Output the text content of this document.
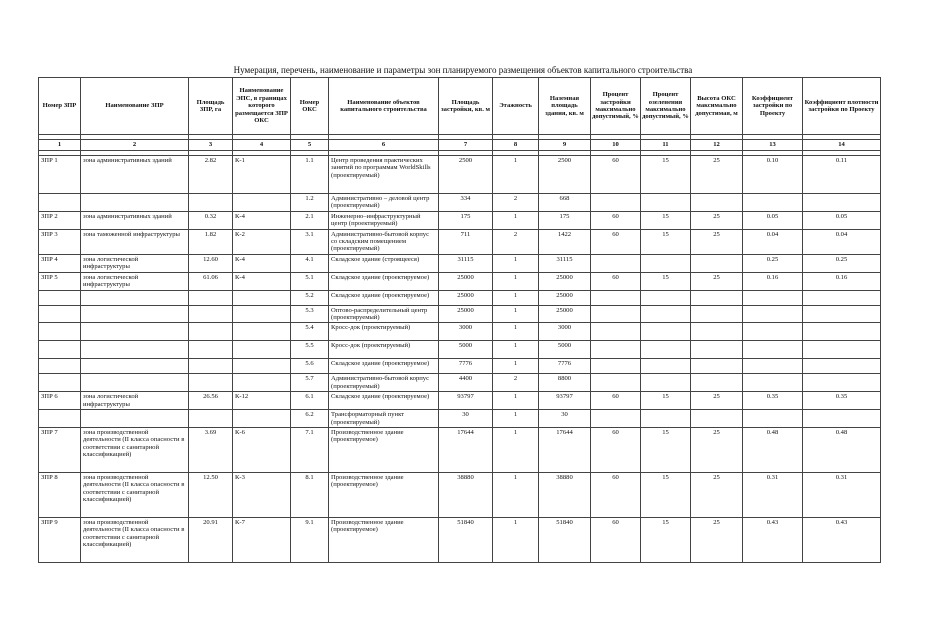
Нумерация, перечень, наименование и параметры зон планируемого размещения объектов капитального строительства
Номер ЗПР	Наименование ЗПР	Площадь ЗПР, га	Наименование ЭПС, в границах которого размещается ЗПР ОКС	Номер ОКС	Наименование объектов капитального строительства	Площадь застройки, кв. м	Этажность	Наземная площадь здания, кв. м	Процент застройки максимально допустимый, %	Процент озеленения максимально допустимый, %	Высота ОКС максимально допустимая, м	Коэффициент застройки по Проекту	Коэффициент плотности застройки по Проекту

1	2	3	4	5	6	7	8	9	10	11	12	13	14

ЗПР 1	зона административных зданий	2.82	К-1	1.1	Центр проведения практических занятий по программам WorldSkills (проектируемый)	2500	1	2500	60	15	25	0.10	0.11
				1.2	Административно – деловой центр (проектируемый)	334	2	668					
ЗПР 2	зона административных зданий	0.32	К-4	2.1	Инженерно–инфраструктурный центр (проектируемый)	175	1	175	60	15	25	0.05	0.05
ЗПР 3	зона таможенной инфраструктуры	1.82	К-2	3.1	Административно-бытовой корпус со складским помещением (проектируемый)	711	2	1422	60	15	25	0.04	0.04
ЗПР 4	зона логистической инфраструктуры	12.60	К-4	4.1	Складское здание (строящееся)	31115	1	31115				0.25	0.25
ЗПР 5	зона логистической инфраструктуры	61.06	К-4	5.1	Складское здание (проектируемое)	25000	1	25000	60	15	25	0.16	0.16
				5.2	Складское здание (проектируемое)	25000	1	25000					
				5.3	Оптово-распределительный центр (проектируемый)	25000	1	25000					
				5.4	Кросс-док (проектируемый)	3000	1	3000					
				5.5	Кросс-док (проектируемый)	5000	1	5000					
				5.6	Складское здание (проектируемое)	7776	1	7776					
				5.7	Административно-бытовой корпус (проектируемый)	4400	2	8800					
ЗПР 6	зона логистической инфраструктуры	26.56	К-12	6.1	Складское здание (проектируемое)	93797	1	93797	60	15	25	0.35	0.35
				6.2	Трансформаторный пункт (проектируемый)	30	1	30					
ЗПР 7	зона производственной деятельности (II класса опасности в соответствии с санитарной классификацией)	3.69	К-6	7.1	Производственное здание (проектируемое)	17644	1	17644	60	15	25	0.48	0.48
ЗПР 8	зона производственной деятельности (II класса опасности в соответствии с санитарной классификацией)	12.50	К-3	8.1	Производственное здание (проектируемое)	38880	1	38880	60	15	25	0.31	0.31
ЗПР 9	зона производственной деятельности (II класса опасности в соответствии с санитарной классификацией)	20.91	К-7	9.1	Производственное здание (проектируемое)	51840	1	51840	60	15	25	0.43	0.43
